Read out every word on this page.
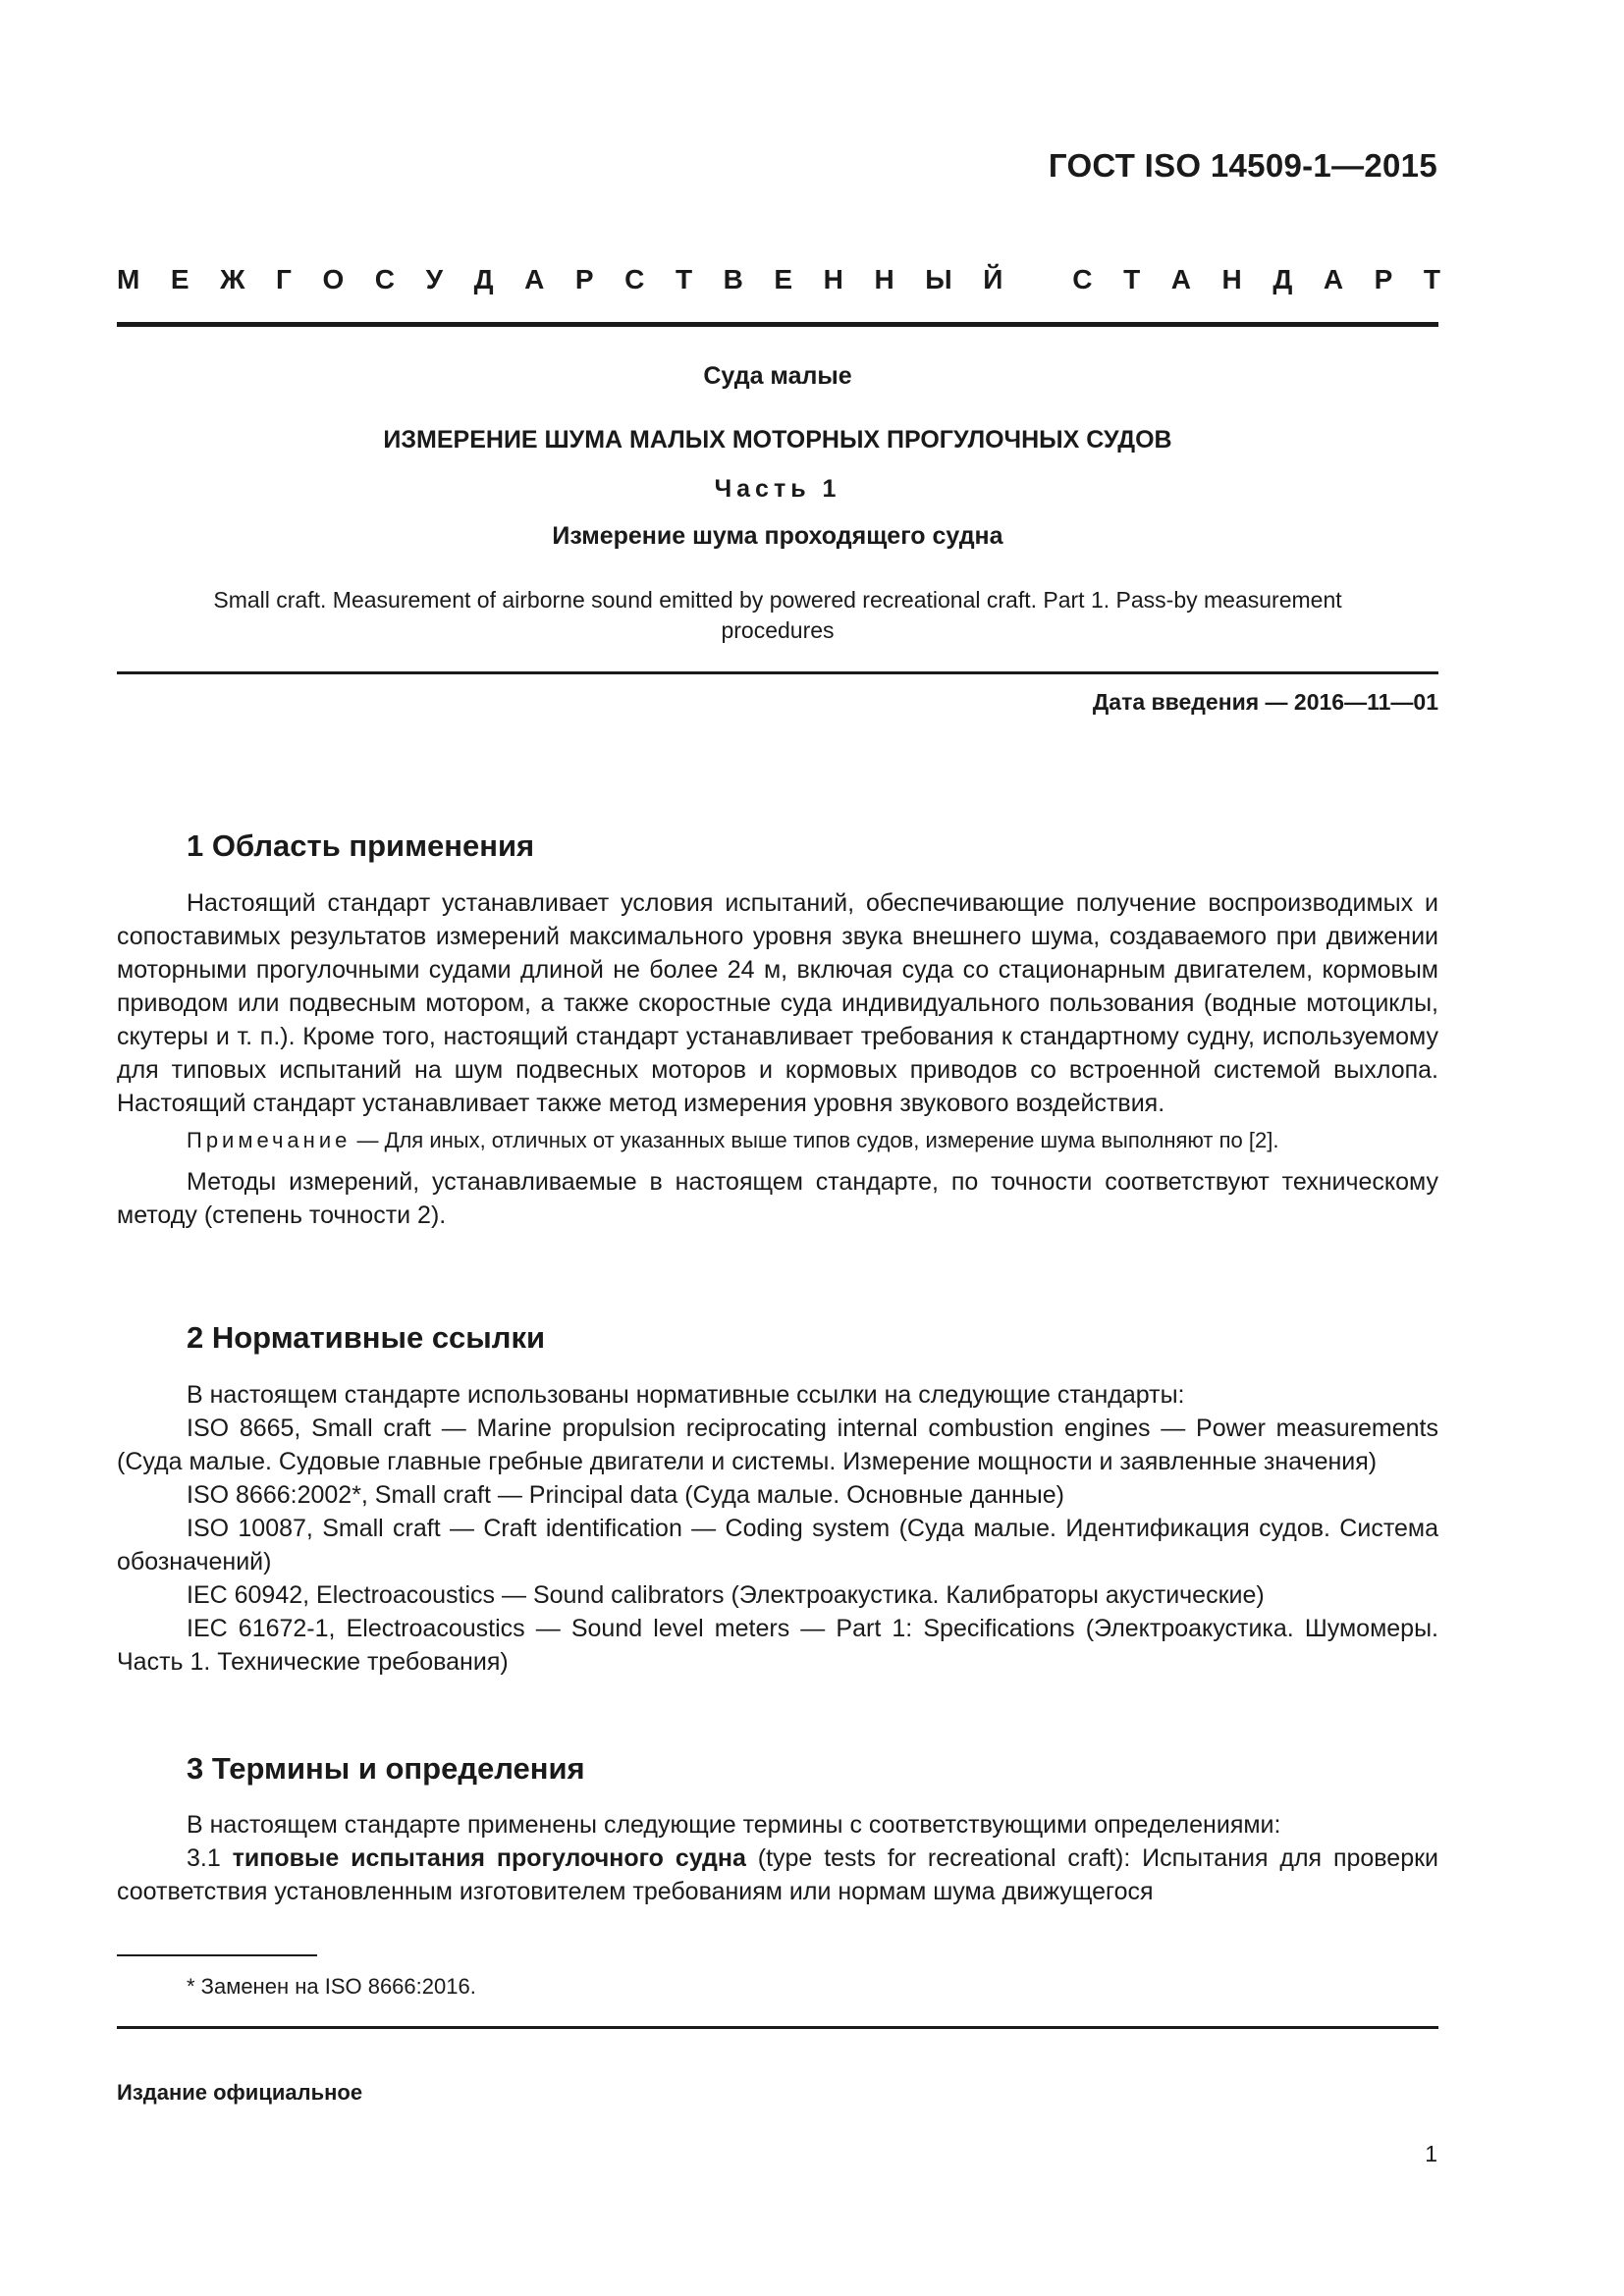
ГОСТ ISO 14509-1—2015
М Е Ж Г О С У Д А Р С Т В Е Н Н Ы Й
	С Т А Н Д А Р Т
Суда малые
ИЗМЕРЕНИЕ ШУМА МАЛЫХ МОТОРНЫХ ПРОГУЛОЧНЫХ СУДОВ
Часть 1
Измерение шума проходящего судна
Small craft. Measurement of airborne sound emitted by powered recreational craft. Part 1. Pass-by measurement procedures
Дата введения — 2016—11—01
1 Область применения

Настоящий стандарт устанавливает условия испытаний, обеспечивающие получение воспроизводимых и сопоставимых результатов измерений максимального уровня звука внешнего шума, создаваемого при движении моторными прогулочными судами длиной не более 24 м, включая суда со стационарным двигателем, кормовым приводом или подвесным мотором, а также скоростные суда индивидуального пользования (водные мотоциклы, скутеры и т. п.). Кроме того, настоящий стандарт устанавливает требования к стандартному судну, используемому для типовых испытаний на шум подвесных моторов и кормовых приводов со встроенной системой выхлопа. Настоящий стандарт устанавливает также метод измерения уровня звукового воздействия.

Примечание — Для иных, отличных от указанных выше типов судов, измерение шума выполняют по [2].

Методы измерений, устанавливаемые в настоящем стандарте, по точности соответствуют техническому методу (степень точности 2).

2 Нормативные ссылки

В настоящем стандарте использованы нормативные ссылки на следующие стандарты:

ISO 8665, Small craft — Marine propulsion reciprocating internal combustion engines — Power measurements (Суда малые. Судовые главные гребные двигатели и системы. Измерение мощности и заявленные значения)

ISO 8666:2002*, Small craft — Principal data (Суда малые. Основные данные)

ISO 10087, Small craft — Craft identification — Coding system (Суда малые. Идентификация судов. Система обозначений)

IEC 60942, Electroacoustics — Sound calibrators (Электроакустика. Калибраторы акустические)

IEC 61672-1, Electroacoustics — Sound level meters — Part 1: Specifications (Электроакустика. Шумомеры. Часть 1. Технические требования)

3 Термины и определения

В настоящем стандарте применены следующие термины с соответствующими определениями:

3.1 типовые испытания прогулочного судна (type tests for recreational craft): Испытания для проверки соответствия установленным изготовителем требованиям или нормам шума движущегося

* Заменен на ISO 8666:2016.
Издание официальное
1
